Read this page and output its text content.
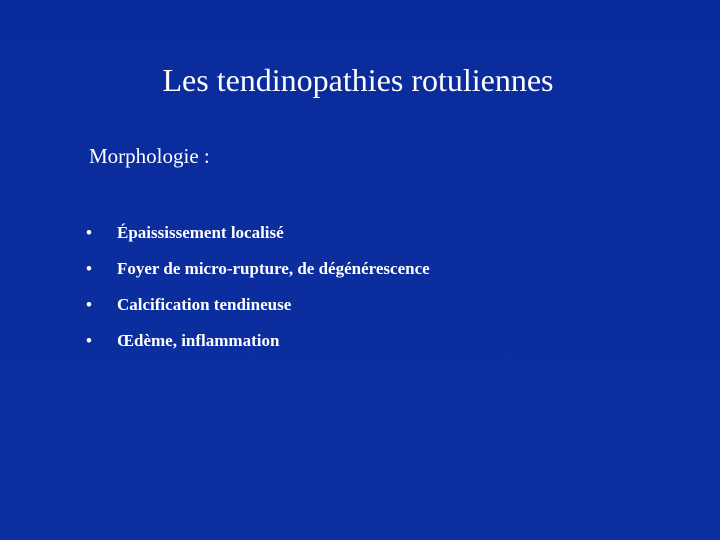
Les tendinopathies rotuliennes

Morphologie :

•	Épaississement localisé
•	Foyer de micro-rupture, de dégénérescence
•	Calcification tendineuse
•	Œdème, inflammation
